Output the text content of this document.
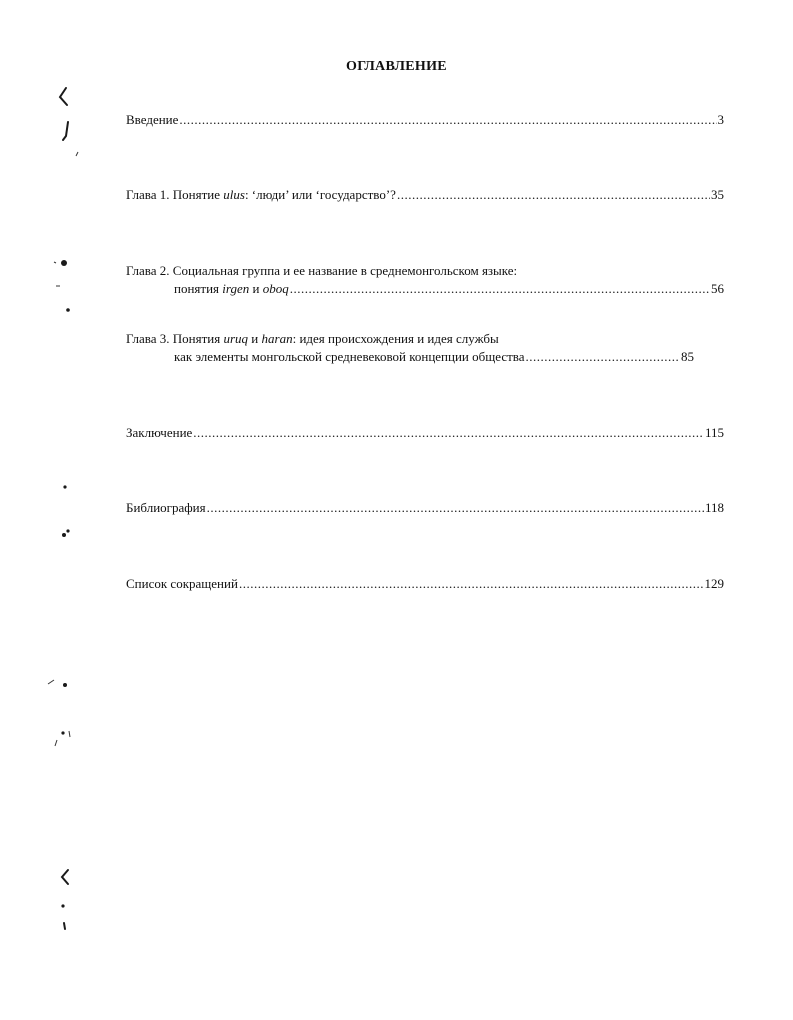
ОГЛАВЛЕНИЕ
Введение .....	3
Глава 1. Понятие ulus: ‘люди’ или ‘государство’? .....	35
Глава 2. Социальная группа и ее название в среднемонгольском языке:
понятия irgen и oboq .....	56
Глава 3. Понятия uruq и haran: идея происхождения и идея службы
как элементы монгольской средневековой концепции общества .....	85
Заключение .....	115
Библиография .....	118
Список сокращений .....	129
